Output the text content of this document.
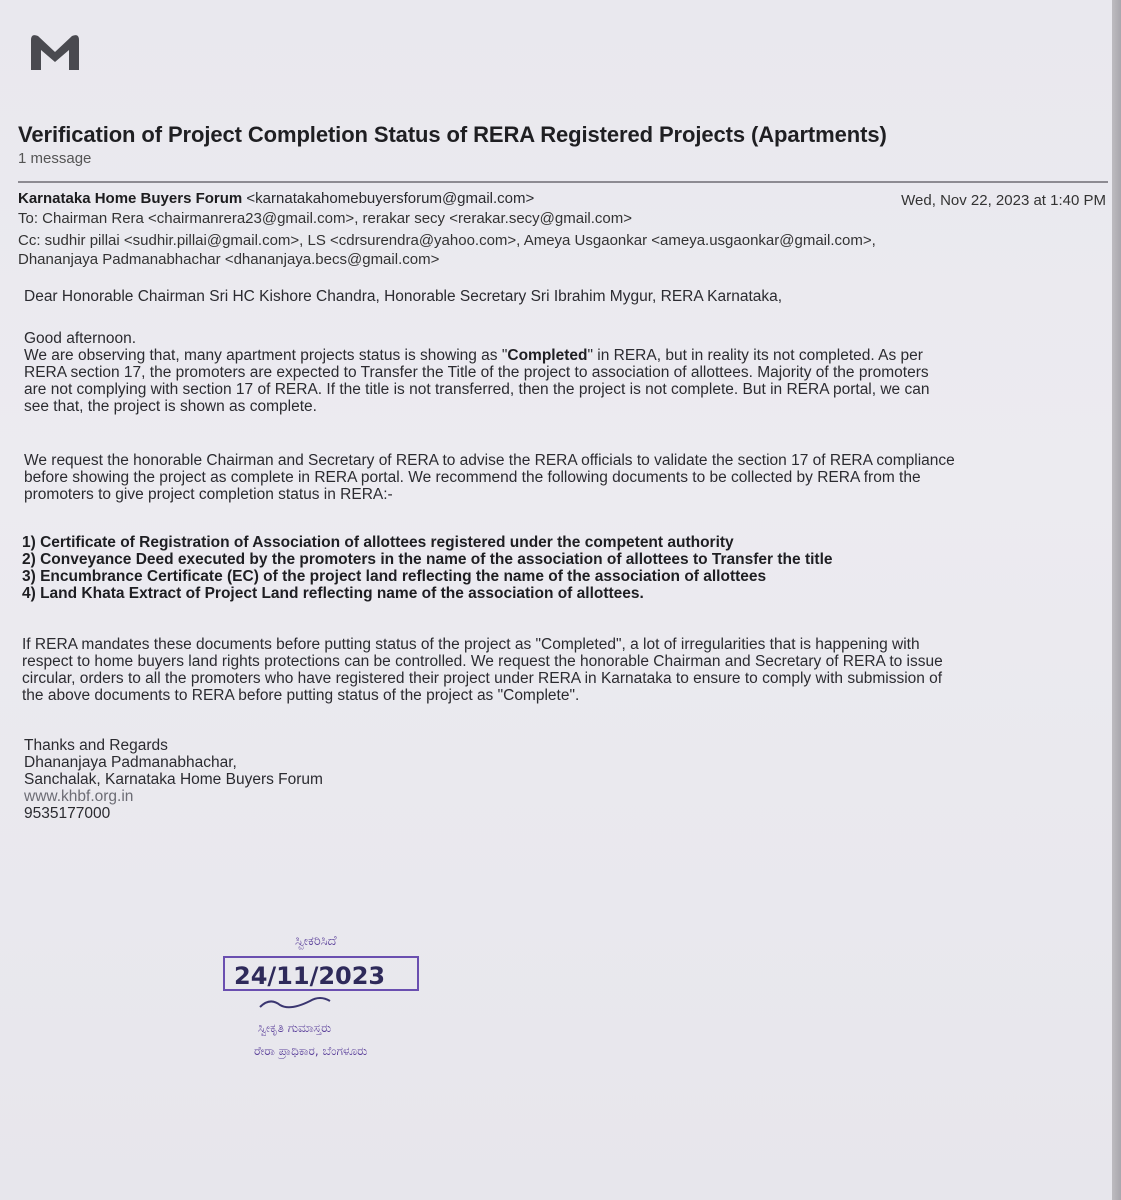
Verification of Project Completion Status of RERA Registered Projects (Apartments)
1 message
Karnataka Home Buyers Forum <karnatakahomebuyersforum@gmail.com>	Wed, Nov 22, 2023 at 1:40 PM
To: Chairman Rera <chairmanrera23@gmail.com>, rerakar secy <rerakar.secy@gmail.com>
Cc: sudhir pillai <sudhir.pillai@gmail.com>, LS <cdrsurendra@yahoo.com>, Ameya Usgaonkar <ameya.usgaonkar@gmail.com>,
Dhananjaya Padmanabhachar <dhananjaya.becs@gmail.com>
Dear Honorable Chairman Sri HC Kishore Chandra, Honorable Secretary Sri Ibrahim Mygur, RERA Karnataka,

Good afternoon.

We are observing that, many apartment projects status is showing as "Completed" in RERA, but in reality its not completed. As per

RERA section 17, the promoters are expected to Transfer the Title of the project to association of allottees. Majority of the promoters

are not complying with section 17 of RERA. If the title is not transferred, then the project is not complete. But in RERA portal, we can

see that, the project is shown as complete.

We request the honorable Chairman and Secretary of RERA to advise the RERA officials to validate the section 17 of RERA compliance

before showing the project as complete in RERA portal. We recommend the following documents to be collected by RERA from the

promoters to give project completion status in RERA:-

1) Certificate of Registration of Association of allottees registered under the competent authority

2) Conveyance Deed executed by the promoters in the name of the association of allottees to Transfer the title

3) Encumbrance Certificate (EC) of the project land reflecting the name of the association of allottees

4) Land Khata Extract of Project Land reflecting name of the association of allottees.

If RERA mandates these documents before putting status of the project as "Completed", a lot of irregularities that is happening with

respect to home buyers land rights protections can be controlled. We request the honorable Chairman and Secretary of RERA to issue

circular, orders to all the promoters who have registered their project under RERA in Karnataka to ensure to comply with submission of

the above documents to RERA before putting status of the project as "Complete".

Thanks and Regards

Dhananjaya Padmanabhachar,

Sanchalak, Karnataka Home Buyers Forum

www.khbf.org.in

9535177000

ಸ್ವೀಕರಿಸಿದೆ
24/11/2023
ಸ್ವೀಕೃತಿ ಗುಮಾಸ್ತರು
ರೇರಾ ಪ್ರಾಧಿಕಾರ, ಬೆಂಗಳೂರು
